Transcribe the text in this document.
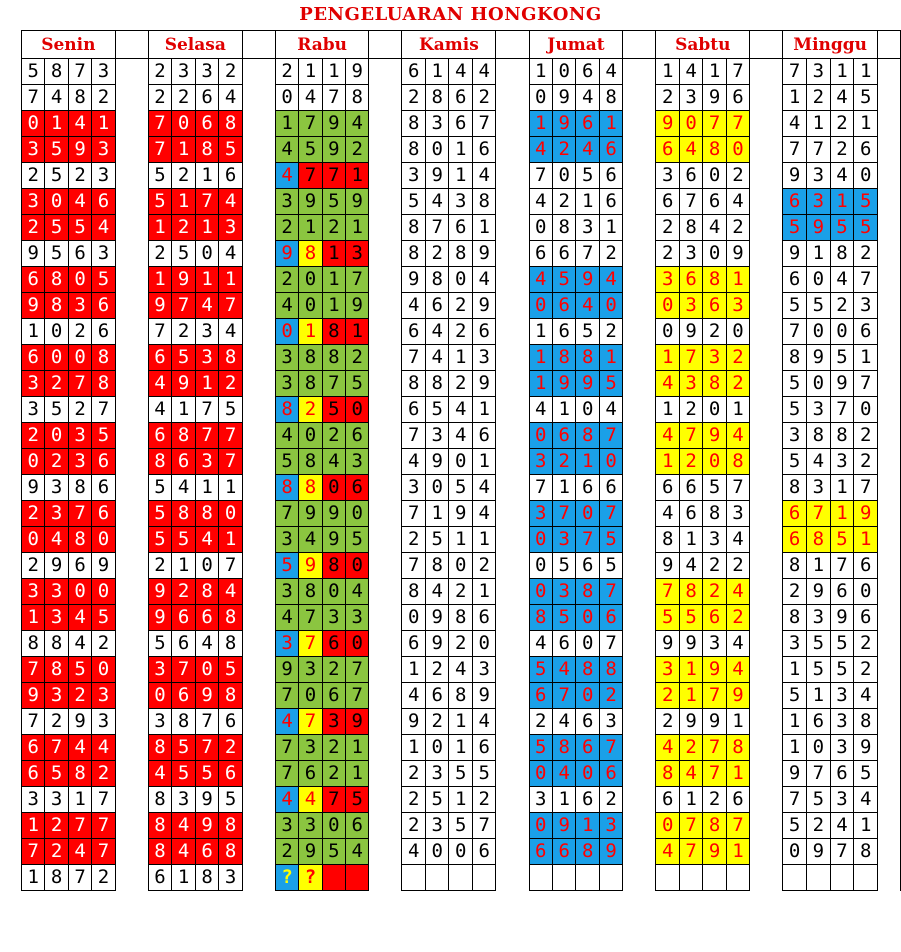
PENGELUARAN HONGKONG
Senin					Selasa					Rabu					Kamis					Jumat					Sabtu					Minggu				
5	8	7	3		2	3	3	2		2	1	1	9		6	1	4	4		1	0	6	4		1	4	1	7		7	3	1	1	
7	4	8	2		2	2	6	4		0	4	7	8		2	8	6	2		0	9	4	8		2	3	9	6		1	2	4	5	
0	1	4	1		7	0	6	8		1	7	9	4		8	3	6	7		1	9	6	1		9	0	7	7		4	1	2	1	
3	5	9	3		7	1	8	5		4	5	9	2		8	0	1	6		4	2	4	6		6	4	8	0		7	7	2	6	
2	5	2	3		5	2	1	6		4	7	7	1		3	9	1	4		7	0	5	6		3	6	0	2		9	3	4	0	
3	0	4	6		5	1	7	4		3	9	5	9		5	4	3	8		4	2	1	6		6	7	6	4		6	3	1	5	
2	5	5	4		1	2	1	3		2	1	2	1		8	7	6	1		0	8	3	1		2	8	4	2		5	9	5	5	
9	5	6	3		2	5	0	4		9	8	1	3		8	2	8	9		6	6	7	2		2	3	0	9		9	1	8	2	
6	8	0	5		1	9	1	1		2	0	1	7		9	8	0	4		4	5	9	4		3	6	8	1		6	0	4	7	
9	8	3	6		9	7	4	7		4	0	1	9		4	6	2	9		0	6	4	0		0	3	6	3		5	5	2	3	
1	0	2	6		7	2	3	4		0	1	8	1		6	4	2	6		1	6	5	2		0	9	2	0		7	0	0	6	
6	0	0	8		6	5	3	8		3	8	8	2		7	4	1	3		1	8	8	1		1	7	3	2		8	9	5	1	
3	2	7	8		4	9	1	2		3	8	7	5		8	8	2	9		1	9	9	5		4	3	8	2		5	0	9	7	
3	5	2	7		4	1	7	5		8	2	5	0		6	5	4	1		4	1	0	4		1	2	0	1		5	3	7	0	
2	0	3	5		6	8	7	7		4	0	2	6		7	3	4	6		0	6	8	7		4	7	9	4		3	8	8	2	
0	2	3	6		8	6	3	7		5	8	4	3		4	9	0	1		3	2	1	0		1	2	0	8		5	4	3	2	
9	3	8	6		5	4	1	1		8	8	0	6		3	0	5	4		7	1	6	6		6	6	5	7		8	3	1	7	
2	3	7	6		5	8	8	0		7	9	9	0		7	1	9	4		3	7	0	7		4	6	8	3		6	7	1	9	
0	4	8	0		5	5	4	1		3	4	9	5		2	5	1	1		0	3	7	5		8	1	3	4		6	8	5	1	
2	9	6	9		2	1	0	7		5	9	8	0		7	8	0	2		0	5	6	5		9	4	2	2		8	1	7	6	
3	3	0	0		9	2	8	4		3	8	0	4		8	4	2	1		0	3	8	7		7	8	2	4		2	9	6	0	
1	3	4	5		9	6	6	8		4	7	3	3		0	9	8	6		8	5	0	6		5	5	6	2		8	3	9	6	
8	8	4	2		5	6	4	8		3	7	6	0		6	9	2	0		4	6	0	7		9	9	3	4		3	5	5	2	
7	8	5	0		3	7	0	5		9	3	2	7		1	2	4	3		5	4	8	8		3	1	9	4		1	5	5	2	
9	3	2	3		0	6	9	8		7	0	6	7		4	6	8	9		6	7	0	2		2	1	7	9		5	1	3	4	
7	2	9	3		3	8	7	6		4	7	3	9		9	2	1	4		2	4	6	3		2	9	9	1		1	6	3	8	
6	7	4	4		8	5	7	2		7	3	2	1		1	0	1	6		5	8	6	7		4	2	7	8		1	0	3	9	
6	5	8	2		4	5	5	6		7	6	2	1		2	3	5	5		0	4	0	6		8	4	7	1		9	7	6	5	
3	3	1	7		8	3	9	5		4	4	7	5		2	5	1	2		3	1	6	2		6	1	2	6		7	5	3	4	
1	2	7	7		8	4	9	8		3	3	0	6		2	3	5	7		0	9	1	3		0	7	8	7		5	2	4	1	
7	2	4	7		8	4	6	8		2	9	5	4		4	0	0	6		6	6	8	9		4	7	9	1		0	9	7	8	
1	8	7	2		6	1	8	3		?	?	?	?																					
